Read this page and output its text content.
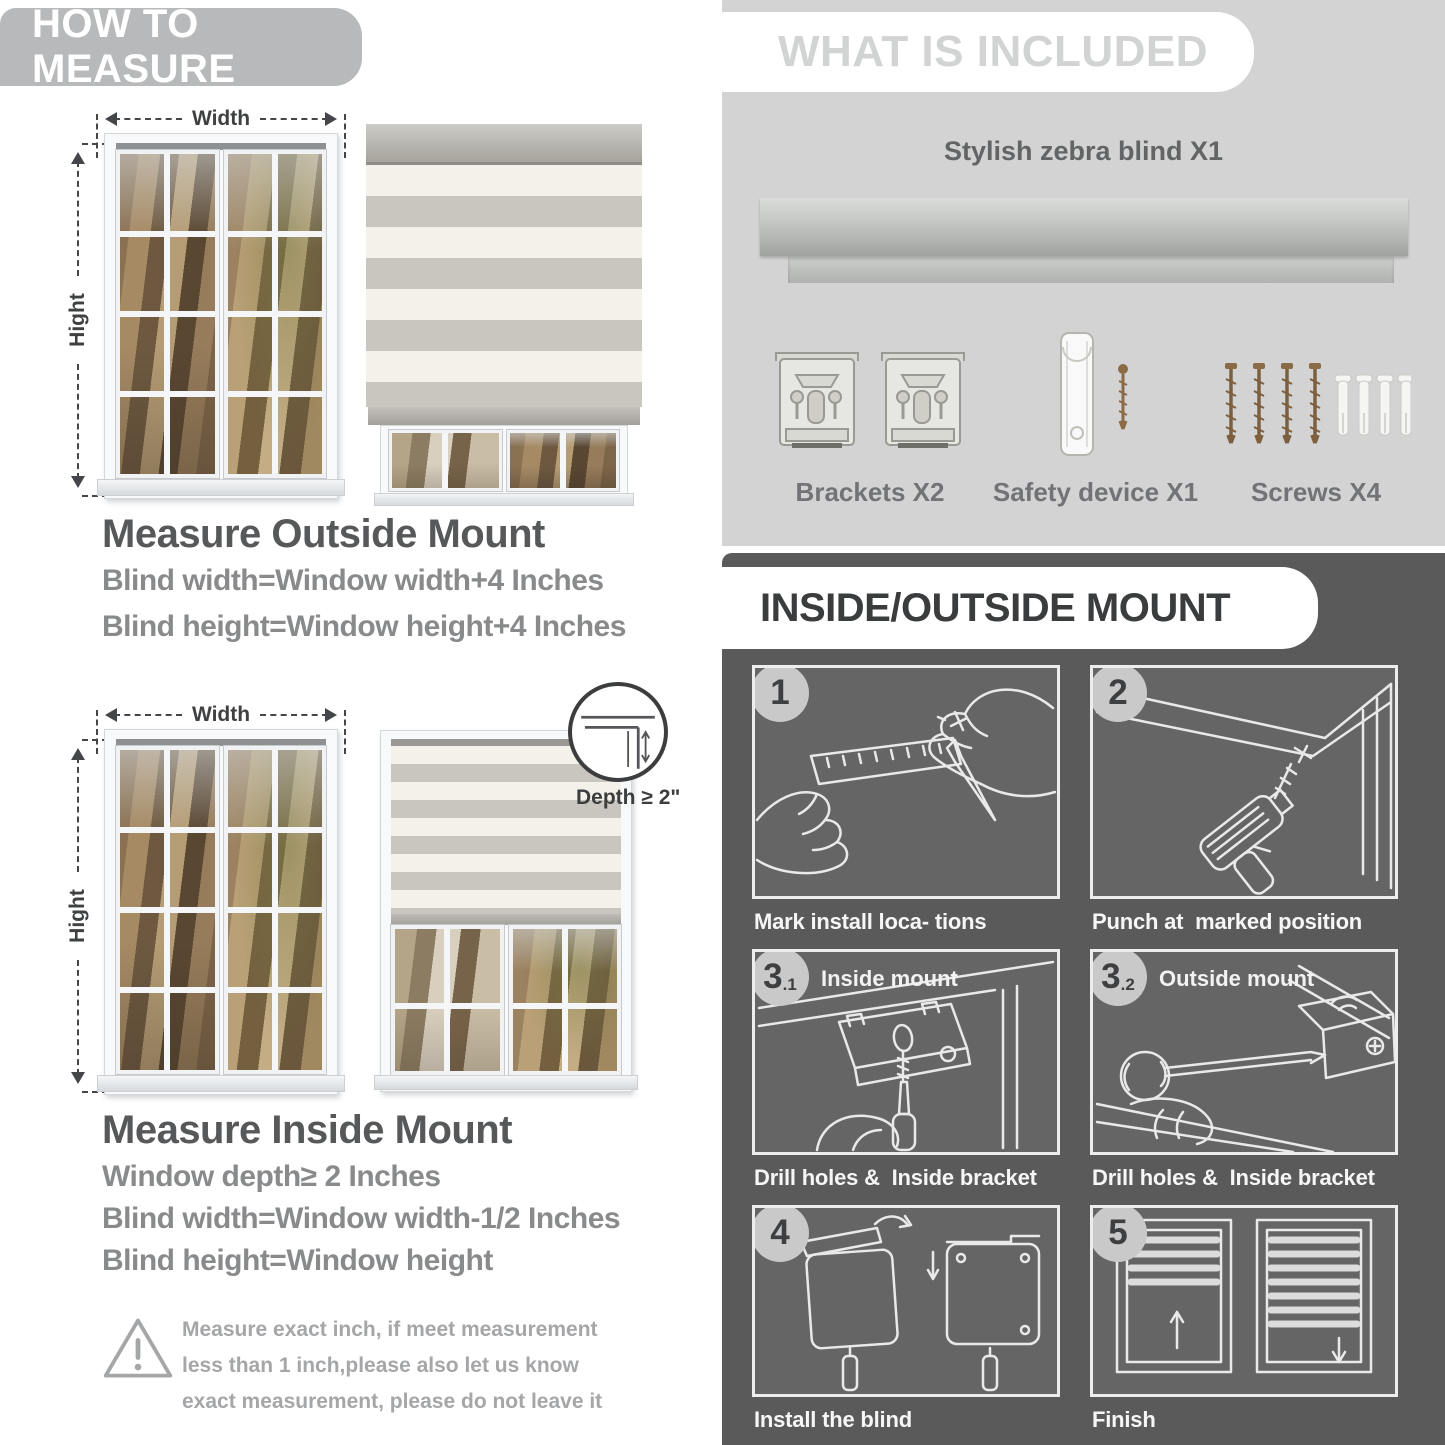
HOW TO MEASURE
Width
Hight
Measure Outside Mount
Blind width=Window width+4 Inches
Blind height=Window height+4 Inches
Width
Hight
Depth ≥ 2"
Measure Inside Mount
Window depth≥ 2 Inches
Blind width=Window width-1/2 Inches
Blind height=Window height
Measure exact inch, if meet measurement less than 1 inch,please also let us know exact measurement, please do not leave it
WHAT IS INCLUDED
Stylish zebra blind X1
Brackets X2 Safety device X1 Screws X4
INSIDE/OUTSIDE MOUNT
1
Mark install loca- tions
2
Punch at  marked position
3 .1 Inside mount
Drill holes &  Inside bracket
3 .2 Outside mount
Drill holes &  Inside bracket
4
Install the blind
5
Finish
